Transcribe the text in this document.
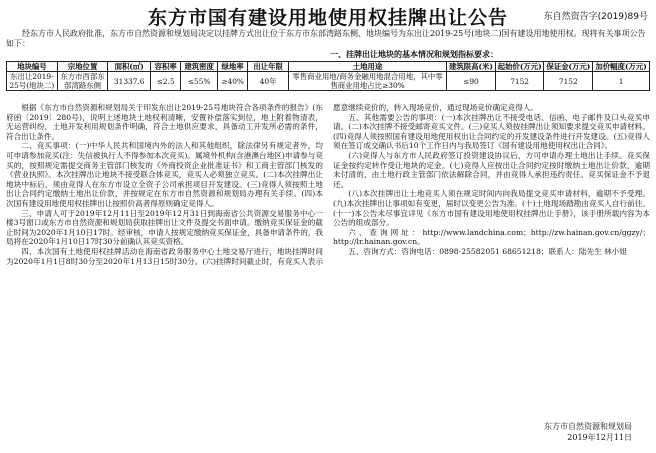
东方市国有建设用地使用权挂牌出让公告	东自然资告字(2019)89号
经东方市人民政府批准，东方市自然资源和规划局决定以挂牌方式出让位于东方市东部湾路东侧、地块编号为东出让2019-25号(地块二)国有建设用地使用权。现将有关事项公告如下：
一、挂牌出让地块的基本情况和规划指标要求：
地块编号	宗地位置	面积(㎡)	容积率	建筑密度	绿地率	出让年限	土地用途	建筑限高(米)	起始价(万元)	保证金(万元)	加价幅度(万元)
东出让2019-25号(地块二)	东方市西部东部湾路东侧	31337.6	≤2.5	≤55%	≥40%	40年	零售商业用地/商务金融用地混合用地，其中零售商业用地占比≥30%	≤90	7152	7152	1

根据《东方市自然资源和规划局关于印发东出让2019-25号地块符合各项条件的报告》(东府函〔2019〕280号)，说明上述地块土地权利清晰，安置补偿落实到位，地上附着物清表，无运营纠纷，土地开发利用规划条件明确，符合土地供应要求，具备动工开发所必需的条件，符合出让条件。

二、竞买事项：(一)中华人民共和国境内外的法人和其他组织，除法律另有规定者外，均可申请参加竞买(注：失信被执行人不得参加本次竞买)。属境外机构(含港澳台地区)申请参与竞买的，按照规定需提交商务主管部门核发的《外商投资企业批准证书》和工商主管部门核发的《营业执照》。本次挂牌出让地块不接受联合体竞买，竞买人必须独立竞买。(二)本次挂牌出让地块中标后，须由竞得人在东方市设立全资子公司承担项目开发建设。(三)竞得人须按照土地出让合同约定缴纳土地出让价款，并按规定在东方市自然资源和规划局办理有关手续。(四)本次国有建设用地使用权挂牌出让按照价高者得原则确定竞得人。

三、申请人可于2019年12月11日至2019年12月31日到海南省公共资源交易服务中心一楼3号窗口或东方市自然资源和规划局获取挂牌出让文件及提交书面申请。缴纳竞买保证金的截止时间为2020年1月10日17时。经审核，申请人按规定缴纳竞买保证金，具备申请条件的，我局将在2020年1月10日17时30分前确认其竞买资格。

四、本次国有土地使用权挂牌活动在海南省政务服务中心土地交易厅进行，地块挂牌时间为2020年1月1日8时30分至2020年1月13日15时30分。(六)挂牌时间截止时，有竞买人表示愿意继续竞价的，转入现场竞价，通过现场竞价确定竞得人。

五、其他需要公告的事项：(一)本次挂牌出让不接受电话、信函、电子邮件及口头竞买申请。(二)本次挂牌不接受邮寄竞买文件。(三)竞买人须按挂牌出让须知要求提交竞买申请材料。(四)竞得人须按照国有建设用地使用权出让合同约定的开发建设条件进行开发建设。(五)竞得人须在签订成交确认书后10个工作日内与我局签订《国有建设用地使用权出让合同》。

(六)竞得人与东方市人民政府签订投资建设协议后，方可申请办理土地出让手续。竞买保证金按约定转作受让地块的定金。(七)竞得人应按出让合同约定按时缴纳土地出让价款，逾期未付清的，由土地行政主管部门依法解除合同，并由竞得人承担违约责任。竞买保证金不予退还。

(八)本次挂牌出让土地竞买人须在规定时间内向我局提交竞买申请材料，逾期不予受理。(九)本次挂牌出让事项如有变更，届时以变更公告为准。(十)土地现场踏勘由竞买人自行前往。(十一)本公告未尽事宜详见《东方市国有建设用地使用权挂牌出让手册》，该手册所载内容为本公告的组成部分。

六、查询网址：http://www.landchina.com；http://zw.hainan.gov.cn/ggzy/；http://lr.hainan.gov.cn。

五、咨询方式：咨询电话：0898-25582051 68651218；联系人：陆先生 林小姐

东方市自然资源和规划局
2019年12月11日
